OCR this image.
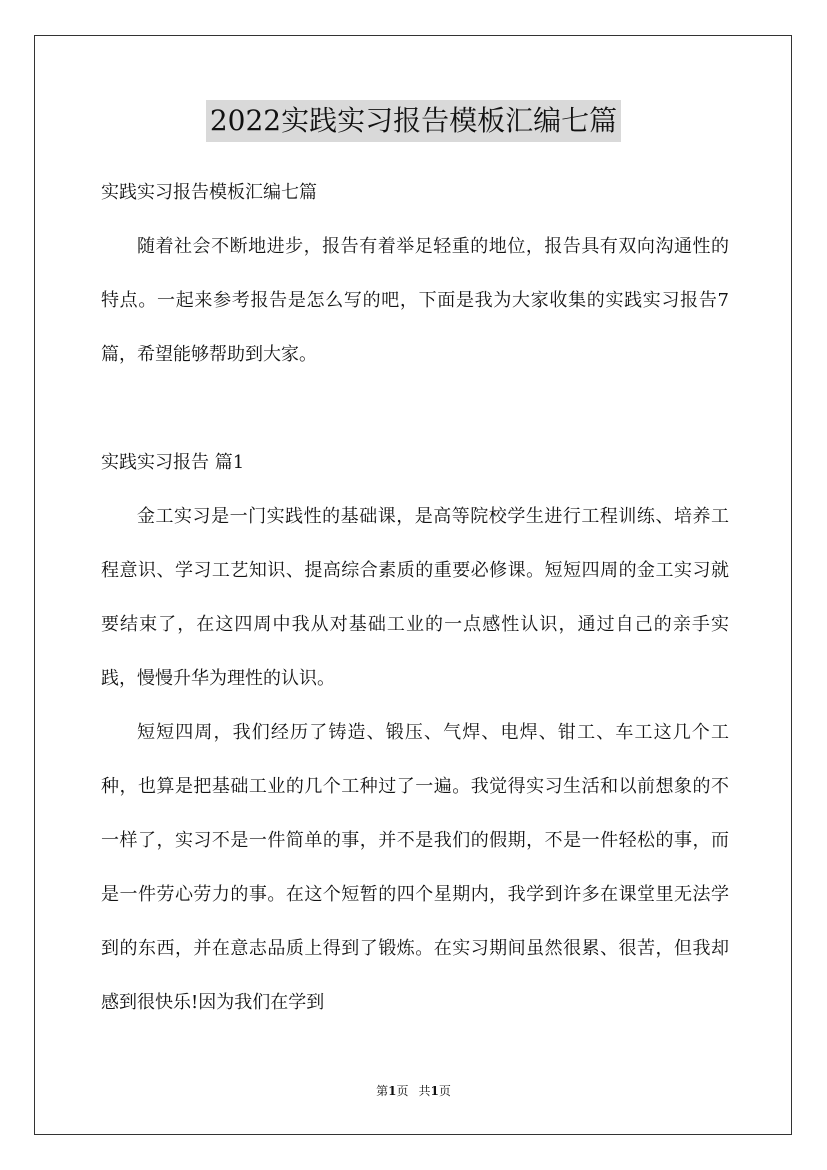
2022实践实习报告模板汇编七篇

实践实习报告模板汇编七篇

随着社会不断地进步，报告有着举足轻重的地位，报告具有双向沟通性的特点。一起来参考报告是怎么写的吧，下面是我为大家收集的实践实习报告7篇，希望能够帮助到大家。

实践实习报告 篇1

金工实习是一门实践性的基础课，是高等院校学生进行工程训练、培养工程意识、学习工艺知识、提高综合素质的重要必修课。短短四周的金工实习就要结束了，在这四周中我从对基础工业的一点感性认识，通过自己的亲手实践，慢慢升华为理性的认识。

短短四周，我们经历了铸造、锻压、气焊、电焊、钳工、车工这几个工种，也算是把基础工业的几个工种过了一遍。我觉得实习生活和以前想象的不一样了，实习不是一件简单的事，并不是我们的假期，不是一件轻松的事，而是一件劳心劳力的事。在这个短暂的四个星期内，我学到许多在课堂里无法学到的东西，并在意志品质上得到了锻炼。在实习期间虽然很累、很苦，但我却感到很快乐!因为我们在学到

第1页 共1页
